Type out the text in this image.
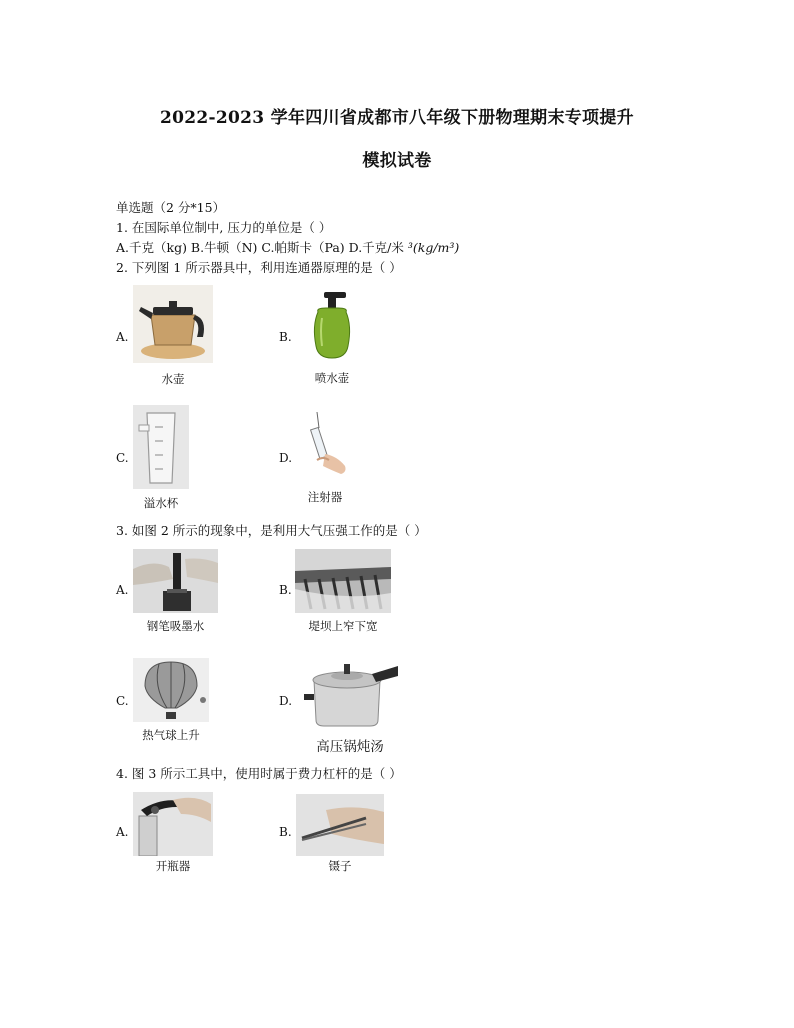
2022-2023 学年四川省成都市八年级下册物理期末专项提升
模拟试卷
单选题（2 分*15）
1. 在国际单位制中, 压力的单位是（ ）
A.千克（kg) B.牛顿（N) C.帕斯卡（Pa) D.千克/米 ³(kg/m³)
2. 下列图 1 所示器具中，利用连通器原理的是（ ）
A.
水壶
B.
喷水壶
C.
溢水杯
D.
注射器
3. 如图 2 所示的现象中，是利用大气压强工作的是（ ）
A.
钢笔吸墨水
B.
堤坝上窄下宽
C.
热气球上升
D.
高压锅炖汤
4. 图 3 所示工具中，使用时属于费力杠杆的是（ ）
A.
开瓶器
B.
镊子
